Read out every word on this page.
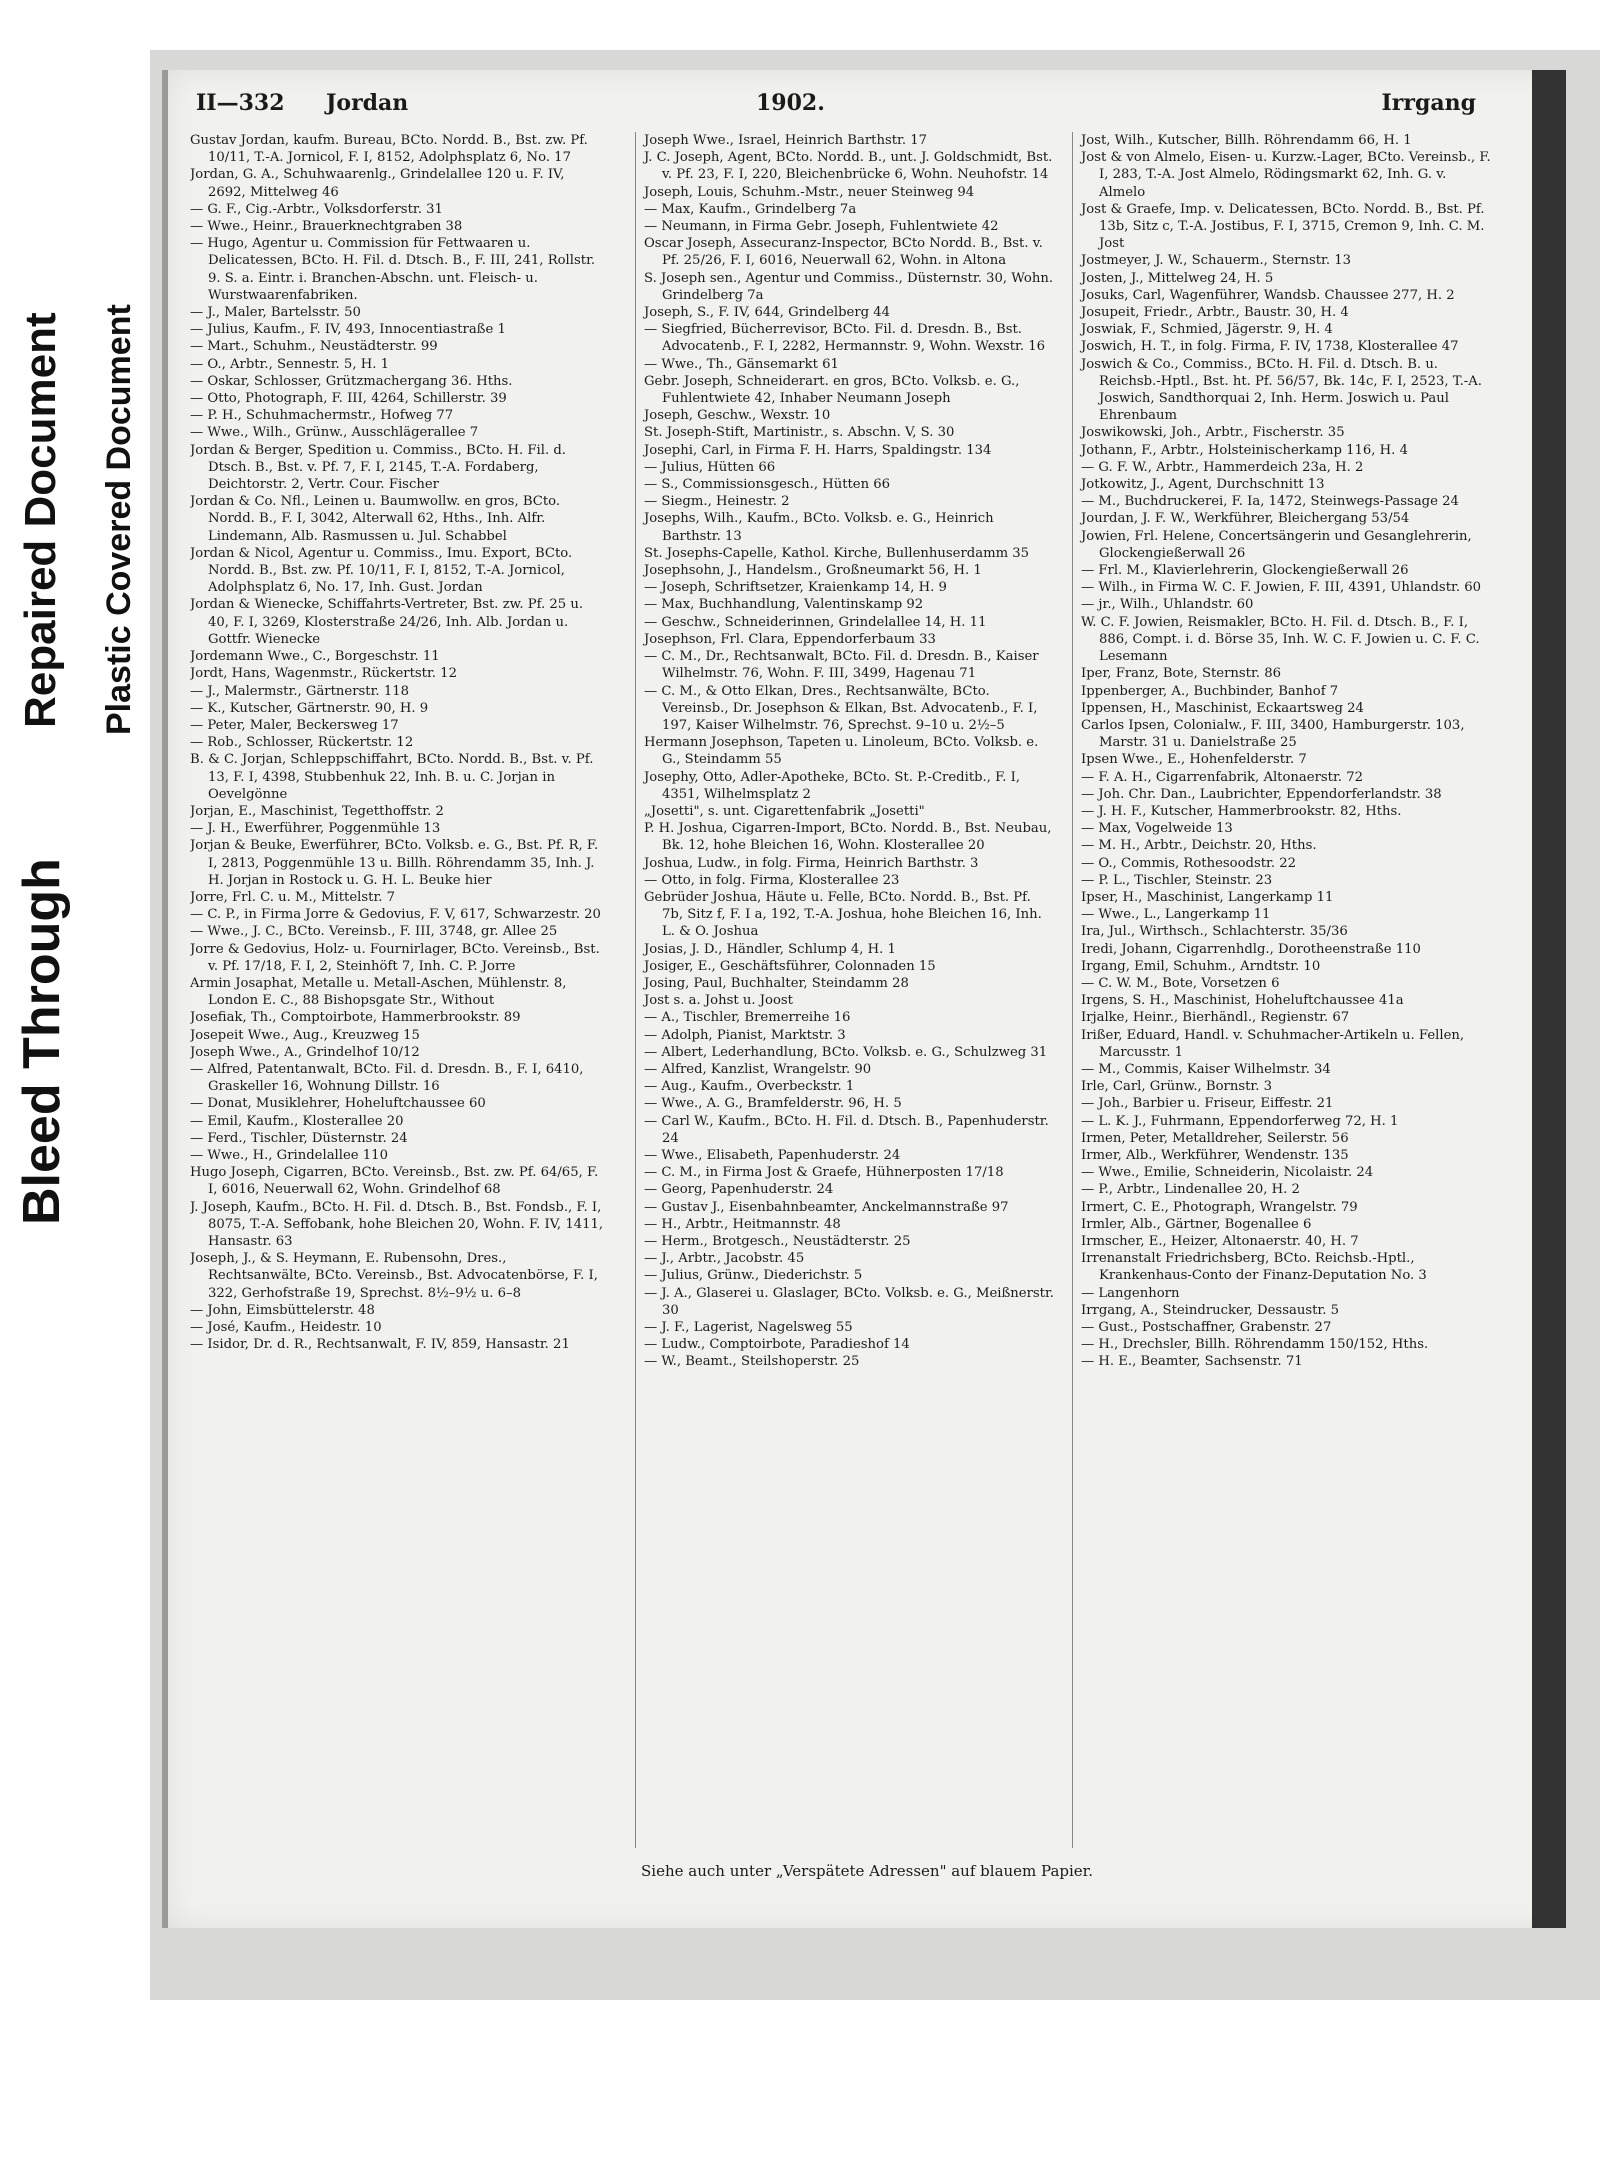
Bleed Through
Repaired Document Plastic Covered Document
II—332 Jordan	1902.	Irrgang

Gustav Jordan, kaufm. Bureau, BCto. Nordd. B., Bst. zw. Pf. 10/11, T.-A. Jornicol, F. I, 8152, Adolphsplatz 6, No. 17

Jordan, G. A., Schuhwaarenlg., Grindelallee 120 u. F. IV, 2692, Mittelweg 46

— G. F., Cig.-Arbtr., Volksdorferstr. 31

— Wwe., Heinr., Brauerknechtgraben 38

— Hugo, Agentur u. Commission für Fettwaaren u. Delicatessen, BCto. H. Fil. d. Dtsch. B., F. III, 241, Rollstr. 9. S. a. Eintr. i. Branchen-Abschn. unt. Fleisch- u. Wurstwaarenfabriken.

— J., Maler, Bartelsstr. 50

— Julius, Kaufm., F. IV, 493, Innocentiastraße 1

— Mart., Schuhm., Neustädterstr. 99

— O., Arbtr., Sennestr. 5, H. 1

— Oskar, Schlosser, Grützmachergang 36. Hths.

— Otto, Photograph, F. III, 4264, Schillerstr. 39

— P. H., Schuhmachermstr., Hofweg 77

— Wwe., Wilh., Grünw., Ausschlägerallee 7

Jordan & Berger, Spedition u. Commiss., BCto. H. Fil. d. Dtsch. B., Bst. v. Pf. 7, F. I, 2145, T.-A. Fordaberg, Deichtorstr. 2, Vertr. Cour. Fischer

Jordan & Co. Nfl., Leinen u. Baumwollw. en gros, BCto. Nordd. B., F. I, 3042, Alterwall 62, Hths., Inh. Alfr. Lindemann, Alb. Rasmussen u. Jul. Schabbel

Jordan & Nicol, Agentur u. Commiss., Imu. Export, BCto. Nordd. B., Bst. zw. Pf. 10/11, F. I, 8152, T.-A. Jornicol, Adolphsplatz 6, No. 17, Inh. Gust. Jordan

Jordan & Wienecke, Schiffahrts-Vertreter, Bst. zw. Pf. 25 u. 40, F. I, 3269, Klosterstraße 24/26, Inh. Alb. Jordan u. Gottfr. Wienecke

Jordemann Wwe., C., Borgeschstr. 11

Jordt, Hans, Wagenmstr., Rückertstr. 12

— J., Malermstr., Gärtnerstr. 118

— K., Kutscher, Gärtnerstr. 90, H. 9

— Peter, Maler, Beckersweg 17

— Rob., Schlosser, Rückertstr. 12

B. & C. Jorjan, Schleppschiffahrt, BCto. Nordd. B., Bst. v. Pf. 13, F. I, 4398, Stubbenhuk 22, Inh. B. u. C. Jorjan in Oevelgönne

Jorjan, E., Maschinist, Tegetthoffstr. 2

— J. H., Ewerführer, Poggenmühle 13

Jorjan & Beuke, Ewerführer, BCto. Volksb. e. G., Bst. Pf. R, F. I, 2813, Poggenmühle 13 u. Billh. Röhrendamm 35, Inh. J. H. Jorjan in Rostock u. G. H. L. Beuke hier

Jorre, Frl. C. u. M., Mittelstr. 7

— C. P., in Firma Jorre & Gedovius, F. V, 617, Schwarzestr. 20

— Wwe., J. C., BCto. Vereinsb., F. III, 3748, gr. Allee 25

Jorre & Gedovius, Holz- u. Fournirlager, BCto. Vereinsb., Bst. v. Pf. 17/18, F. I, 2, Steinhöft 7, Inh. C. P. Jorre

Armin Josaphat, Metalle u. Metall-Aschen, Mühlenstr. 8, London E. C., 88 Bishopsgate Str., Without

Josefiak, Th., Comptoirbote, Hammerbrookstr. 89

Josepeit Wwe., Aug., Kreuzweg 15

Joseph Wwe., A., Grindelhof 10/12

— Alfred, Patentanwalt, BCto. Fil. d. Dresdn. B., F. I, 6410, Graskeller 16, Wohnung Dillstr. 16

— Donat, Musiklehrer, Hoheluftchaussee 60

— Emil, Kaufm., Klosterallee 20

— Ferd., Tischler, Düsternstr. 24

— Wwe., H., Grindelallee 110

Hugo Joseph, Cigarren, BCto. Vereinsb., Bst. zw. Pf. 64/65, F. I, 6016, Neuerwall 62, Wohn. Grindelhof 68

J. Joseph, Kaufm., BCto. H. Fil. d. Dtsch. B., Bst. Fondsb., F. I, 8075, T.-A. Seffobank, hohe Bleichen 20, Wohn. F. IV, 1411, Hansastr. 63

Joseph, J., & S. Heymann, E. Rubensohn, Dres., Rechtsanwälte, BCto. Vereinsb., Bst. Advocatenbörse, F. I, 322, Gerhofstraße 19, Sprechst. 8½–9½ u. 6–8

— John, Eimsbüttelerstr. 48

— José, Kaufm., Heidestr. 10

— Isidor, Dr. d. R., Rechtsanwalt, F. IV, 859, Hansastr. 21

Joseph Wwe., Israel, Heinrich Barthstr. 17

J. C. Joseph, Agent, BCto. Nordd. B., unt. J. Goldschmidt, Bst. v. Pf. 23, F. I, 220, Bleichenbrücke 6, Wohn. Neuhofstr. 14

Joseph, Louis, Schuhm.-Mstr., neuer Steinweg 94

— Max, Kaufm., Grindelberg 7a

— Neumann, in Firma Gebr. Joseph, Fuhlentwiete 42

Oscar Joseph, Assecuranz-Inspector, BCto Nordd. B., Bst. v. Pf. 25/26, F. I, 6016, Neuerwall 62, Wohn. in Altona

S. Joseph sen., Agentur und Commiss., Düsternstr. 30, Wohn. Grindelberg 7a

Joseph, S., F. IV, 644, Grindelberg 44

— Siegfried, Bücherrevisor, BCto. Fil. d. Dresdn. B., Bst. Advocatenb., F. I, 2282, Hermannstr. 9, Wohn. Wexstr. 16

— Wwe., Th., Gänsemarkt 61

Gebr. Joseph, Schneiderart. en gros, BCto. Volksb. e. G., Fuhlentwiete 42, Inhaber Neumann Joseph

Joseph, Geschw., Wexstr. 10

St. Joseph-Stift, Martinistr., s. Abschn. V, S. 30

Josephi, Carl, in Firma F. H. Harrs, Spaldingstr. 134

— Julius, Hütten 66

— S., Commissionsgesch., Hütten 66

— Siegm., Heinestr. 2

Josephs, Wilh., Kaufm., BCto. Volksb. e. G., Heinrich Barthstr. 13

St. Josephs-Capelle, Kathol. Kirche, Bullenhuserdamm 35

Josephsohn, J., Handelsm., Großneumarkt 56, H. 1

— Joseph, Schriftsetzer, Kraienkamp 14, H. 9

— Max, Buchhandlung, Valentinskamp 92

— Geschw., Schneiderinnen, Grindelallee 14, H. 11

Josephson, Frl. Clara, Eppendorferbaum 33

— C. M., Dr., Rechtsanwalt, BCto. Fil. d. Dresdn. B., Kaiser Wilhelmstr. 76, Wohn. F. III, 3499, Hagenau 71

— C. M., & Otto Elkan, Dres., Rechtsanwälte, BCto. Vereinsb., Dr. Josephson & Elkan, Bst. Advocatenb., F. I, 197, Kaiser Wilhelmstr. 76, Sprechst. 9–10 u. 2½–5

Hermann Josephson, Tapeten u. Linoleum, BCto. Volksb. e. G., Steindamm 55

Josephy, Otto, Adler-Apotheke, BCto. St. P.-Creditb., F. I, 4351, Wilhelmsplatz 2

„Josetti", s. unt. Cigarettenfabrik „Josetti"

P. H. Joshua, Cigarren-Import, BCto. Nordd. B., Bst. Neubau, Bk. 12, hohe Bleichen 16, Wohn. Klosterallee 20

Joshua, Ludw., in folg. Firma, Heinrich Barthstr. 3

— Otto, in folg. Firma, Klosterallee 23

Gebrüder Joshua, Häute u. Felle, BCto. Nordd. B., Bst. Pf. 7b, Sitz f, F. I a, 192, T.-A. Joshua, hohe Bleichen 16, Inh. L. & O. Joshua

Josias, J. D., Händler, Schlump 4, H. 1

Josiger, E., Geschäftsführer, Colonnaden 15

Josing, Paul, Buchhalter, Steindamm 28

Jost s. a. Johst u. Joost

— A., Tischler, Bremerreihe 16

— Adolph, Pianist, Marktstr. 3

— Albert, Lederhandlung, BCto. Volksb. e. G., Schulzweg 31

— Alfred, Kanzlist, Wrangelstr. 90

— Aug., Kaufm., Overbeckstr. 1

— Wwe., A. G., Bramfelderstr. 96, H. 5

— Carl W., Kaufm., BCto. H. Fil. d. Dtsch. B., Papenhuderstr. 24

— Wwe., Elisabeth, Papenhuderstr. 24

— C. M., in Firma Jost & Graefe, Hühnerposten 17/18

— Georg, Papenhuderstr. 24

— Gustav J., Eisenbahnbeamter, Anckelmannstraße 97

— H., Arbtr., Heitmannstr. 48

— Herm., Brotgesch., Neustädterstr. 25

— J., Arbtr., Jacobstr. 45

— Julius, Grünw., Diederichstr. 5

— J. A., Glaserei u. Glaslager, BCto. Volksb. e. G., Meißnerstr. 30

— J. F., Lagerist, Nagelsweg 55

— Ludw., Comptoirbote, Paradieshof 14

— W., Beamt., Steilshoperstr. 25

Jost, Wilh., Kutscher, Billh. Röhrendamm 66, H. 1

Jost & von Almelo, Eisen- u. Kurzw.-Lager, BCto. Vereinsb., F. I, 283, T.-A. Jost Almelo, Rödingsmarkt 62, Inh. G. v. Almelo

Jost & Graefe, Imp. v. Delicatessen, BCto. Nordd. B., Bst. Pf. 13b, Sitz c, T.-A. Jostibus, F. I, 3715, Cremon 9, Inh. C. M. Jost

Jostmeyer, J. W., Schauerm., Sternstr. 13

Josten, J., Mittelweg 24, H. 5

Josuks, Carl, Wagenführer, Wandsb. Chaussee 277, H. 2

Josupeit, Friedr., Arbtr., Baustr. 30, H. 4

Joswiak, F., Schmied, Jägerstr. 9, H. 4

Joswich, H. T., in folg. Firma, F. IV, 1738, Klosterallee 47

Joswich & Co., Commiss., BCto. H. Fil. d. Dtsch. B. u. Reichsb.-Hptl., Bst. ht. Pf. 56/57, Bk. 14c, F. I, 2523, T.-A. Joswich, Sandthorquai 2, Inh. Herm. Joswich u. Paul Ehrenbaum

Joswikowski, Joh., Arbtr., Fischerstr. 35

Jothann, F., Arbtr., Holsteinischerkamp 116, H. 4

— G. F. W., Arbtr., Hammerdeich 23a, H. 2

Jotkowitz, J., Agent, Durchschnitt 13

— M., Buchdruckerei, F. Ia, 1472, Steinwegs-Passage 24

Jourdan, J. F. W., Werkführer, Bleichergang 53/54

Jowien, Frl. Helene, Concertsängerin und Gesanglehrerin, Glockengießerwall 26

— Frl. M., Klavierlehrerin, Glockengießerwall 26

— Wilh., in Firma W. C. F. Jowien, F. III, 4391, Uhlandstr. 60

— jr., Wilh., Uhlandstr. 60

W. C. F. Jowien, Reismakler, BCto. H. Fil. d. Dtsch. B., F. I, 886, Compt. i. d. Börse 35, Inh. W. C. F. Jowien u. C. F. C. Lesemann

Iper, Franz, Bote, Sternstr. 86

Ippenberger, A., Buchbinder, Banhof 7

Ippensen, H., Maschinist, Eckaartsweg 24

Carlos Ipsen, Colonialw., F. III, 3400, Hamburgerstr. 103, Marstr. 31 u. Danielstraße 25

Ipsen Wwe., E., Hohenfelderstr. 7

— F. A. H., Cigarrenfabrik, Altonaerstr. 72

— Joh. Chr. Dan., Laubrichter, Eppendorferlandstr. 38

— J. H. F., Kutscher, Hammerbrookstr. 82, Hths.

— Max, Vogelweide 13

— M. H., Arbtr., Deichstr. 20, Hths.

— O., Commis, Rothesoodstr. 22

— P. L., Tischler, Steinstr. 23

Ipser, H., Maschinist, Langerkamp 11

— Wwe., L., Langerkamp 11

Ira, Jul., Wirthsch., Schlachterstr. 35/36

Iredi, Johann, Cigarrenhdlg., Dorotheenstraße 110

Irgang, Emil, Schuhm., Arndtstr. 10

— C. W. M., Bote, Vorsetzen 6

Irgens, S. H., Maschinist, Hoheluftchaussee 41a

Irjalke, Heinr., Bierhändl., Regienstr. 67

Irißer, Eduard, Handl. v. Schuhmacher-Artikeln u. Fellen, Marcusstr. 1

— M., Commis, Kaiser Wilhelmstr. 34

Irle, Carl, Grünw., Bornstr. 3

— Joh., Barbier u. Friseur, Eiffestr. 21

— L. K. J., Fuhrmann, Eppendorferweg 72, H. 1

Irmen, Peter, Metalldreher, Seilerstr. 56

Irmer, Alb., Werkführer, Wendenstr. 135

— Wwe., Emilie, Schneiderin, Nicolaistr. 24

— P., Arbtr., Lindenallee 20, H. 2

Irmert, C. E., Photograph, Wrangelstr. 79

Irmler, Alb., Gärtner, Bogenallee 6

Irmscher, E., Heizer, Altonaerstr. 40, H. 7

Irrenanstalt Friedrichsberg, BCto. Reichsb.-Hptl., Krankenhaus-Conto der Finanz-Deputation No. 3

— Langenhorn

Irrgang, A., Steindrucker, Dessaustr. 5

— Gust., Postschaffner, Grabenstr. 27

— H., Drechsler, Billh. Röhrendamm 150/152, Hths.

— H. E., Beamter, Sachsenstr. 71

Siehe auch unter „Verspätete Adressen" auf blauem Papier.
